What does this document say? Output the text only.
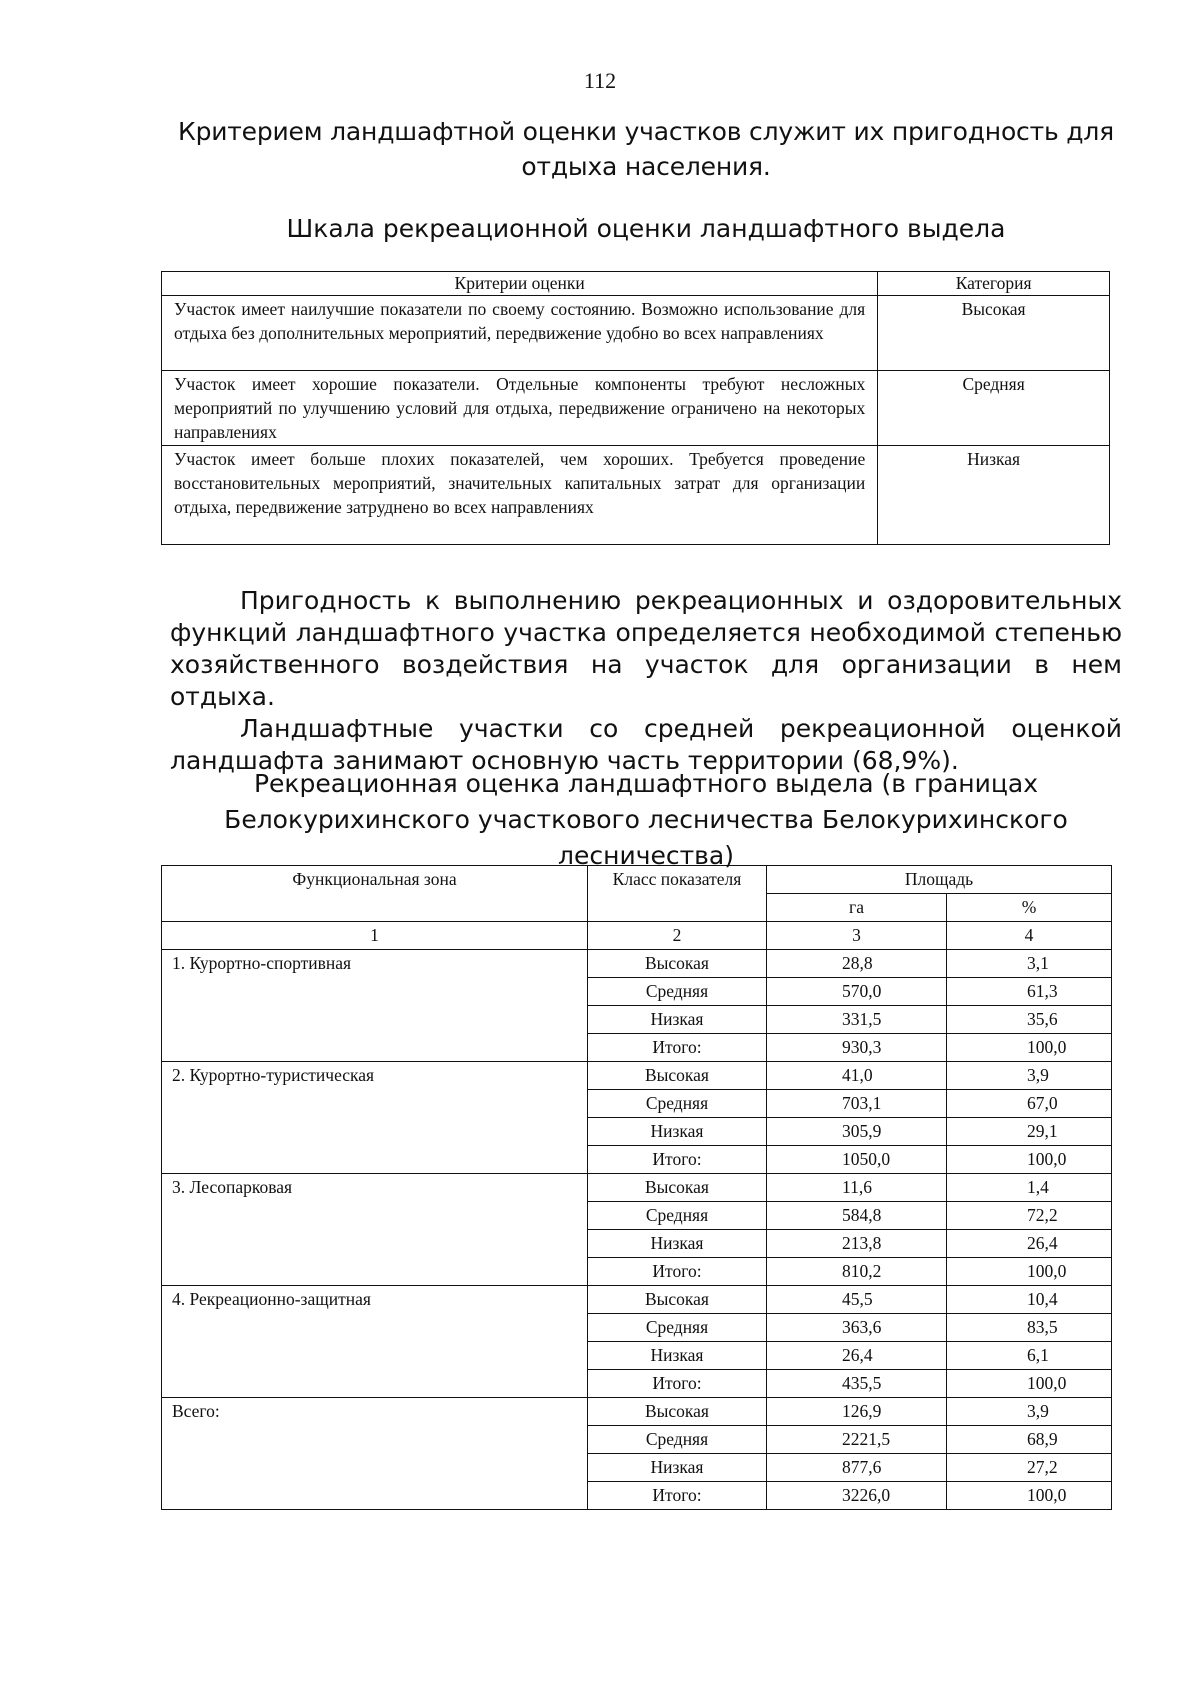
112
Критерием ландшафтной оценки участков служит их пригодность для отдыха населения.
Шкала рекреационной оценки ландшафтного выдела
Критерии оценки	Категория
Участок имеет наилучшие показатели по своему состоянию. Возможно использование для отдыха без дополнительных мероприятий, передвижение удобно во всех направлениях	Высокая
Участок имеет хорошие показатели. Отдельные компоненты требуют несложных мероприятий по улучшению условий для отдыха, передвижение ограничено на некоторых направлениях	Средняя
Участок имеет больше плохих показателей, чем хороших. Требуется проведение восстановительных мероприятий, значительных капитальных затрат для организации отдыха, передвижение затруднено во всех направлениях	Низкая

Пригодность к выполнению рекреационных и оздоровительных функций ландшафтного участка определяется необходимой степенью хозяйственного воздействия на участок для организации в нем отдыха.

Ландшафтные участки со средней рекреационной оценкой ландшафта занимают основную часть территории (68,9%).

Рекреационная оценка ландшафтного выдела (в границах Белокурихинского участкового лесничества Белокурихинского лесничества)
Функциональная зона	Класс показателя	Площадь	
		га	%
1	2	3	4
1. Курортно-спортивная	Высокая	28,8	3,1
	Средняя	570,0	61,3
	Низкая	331,5	35,6
	Итого:	930,3	100,0
2. Курортно-туристическая	Высокая	41,0	3,9
	Средняя	703,1	67,0
	Низкая	305,9	29,1
	Итого:	1050,0	100,0
3. Лесопарковая	Высокая	11,6	1,4
	Средняя	584,8	72,2
	Низкая	213,8	26,4
	Итого:	810,2	100,0
4. Рекреационно-защитная	Высокая	45,5	10,4
	Средняя	363,6	83,5
	Низкая	26,4	6,1
	Итого:	435,5	100,0
Всего:	Высокая	126,9	3,9
	Средняя	2221,5	68,9
	Низкая	877,6	27,2
	Итого:	3226,0	100,0
